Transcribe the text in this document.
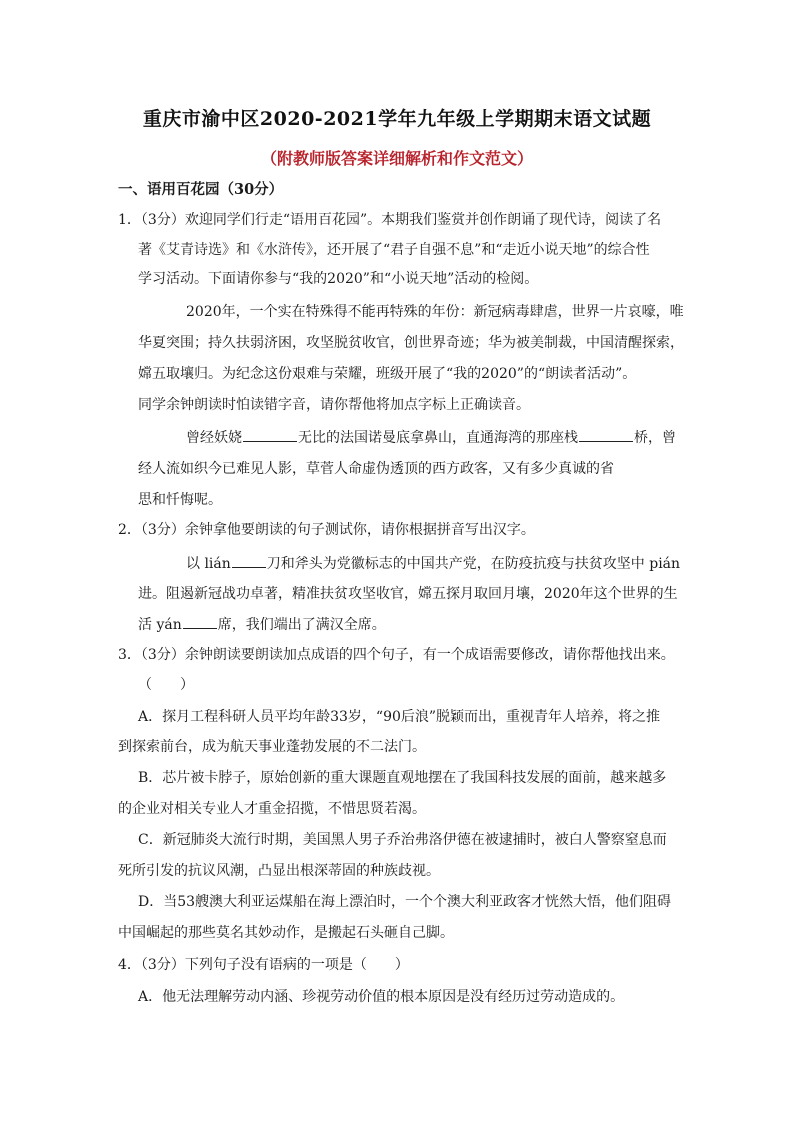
重庆市渝中区2020-2021学年九年级上学期期末语文试题
（附教师版答案详细解析和作文范文）
一、语用百花园（30分）
1．（3分）欢迎同学们行走“语用百花园”。本期我们鉴赏并创作朗诵了现代诗，阅读了名
著《艾青诗选》和《水浒传》，还开展了“君子自强不息”和“走近小说天地”的综合性
学习活动。下面请你参与“我的2020”和“小说天地”活动的检阅。
2020年，一个实在特殊得不能再特殊的年份：新冠病毒肆虐，世界一片哀嚎，唯
华夏突围；持久扶弱济困，攻坚脱贫收官，创世界奇迹；华为被美制裁，中国清醒探索，
嫦五取壤归。为纪念这份艰难与荣耀，班级开展了“我的2020”的“朗读者活动”。
同学余钟朗读时怕读错字音，请你帮他将加点字标上正确读音。
曾经妖娆	无比的法国诺曼底拿鼻山，直通海湾的那座栈	桥，曾
经人流如织今已难见人影，草菅人命虚伪透顶的西方政客，又有多少真诚的省
思和忏悔呢。
2．（3分）余钟拿他要朗读的句子测试你，请你根据拼音写出汉字。
以 lián	刀和斧头为党徽标志的中国共产党，在防疫抗疫与扶贫攻坚中 pián
进。阻遏新冠战功卓著，精准扶贫攻坚收官，嫦五探月取回月壤，2020年这个世界的生
活 yán	席，我们端出了满汉全席。
3．（3分）余钟朗读要朗读加点成语的四个句子，有一个成语需要修改，请你帮他找出来。
（　　）
A．探月工程科研人员平均年龄33岁，“90后浪”脱颖而出，重视青年人培养，将之推
到探索前台，成为航天事业蓬勃发展的不二法门。
B．芯片被卡脖子，原始创新的重大课题直观地摆在了我国科技发展的面前，越来越多
的企业对相关专业人才重金招揽，不惜思贤若渴。
C．新冠肺炎大流行时期，美国黑人男子乔治弗洛伊德在被逮捕时，被白人警察窒息而
死所引发的抗议风潮，凸显出根深蒂固的种族歧视。
D．当53艘澳大利亚运煤船在海上漂泊时，一个个澳大利亚政客才恍然大悟，他们阻碍
中国崛起的那些莫名其妙动作，是搬起石头砸自己脚。
4．（3分）下列句子没有语病的一项是（　　）
A．他无法理解劳动内涵、珍视劳动价值的根本原因是没有经历过劳动造成的。
